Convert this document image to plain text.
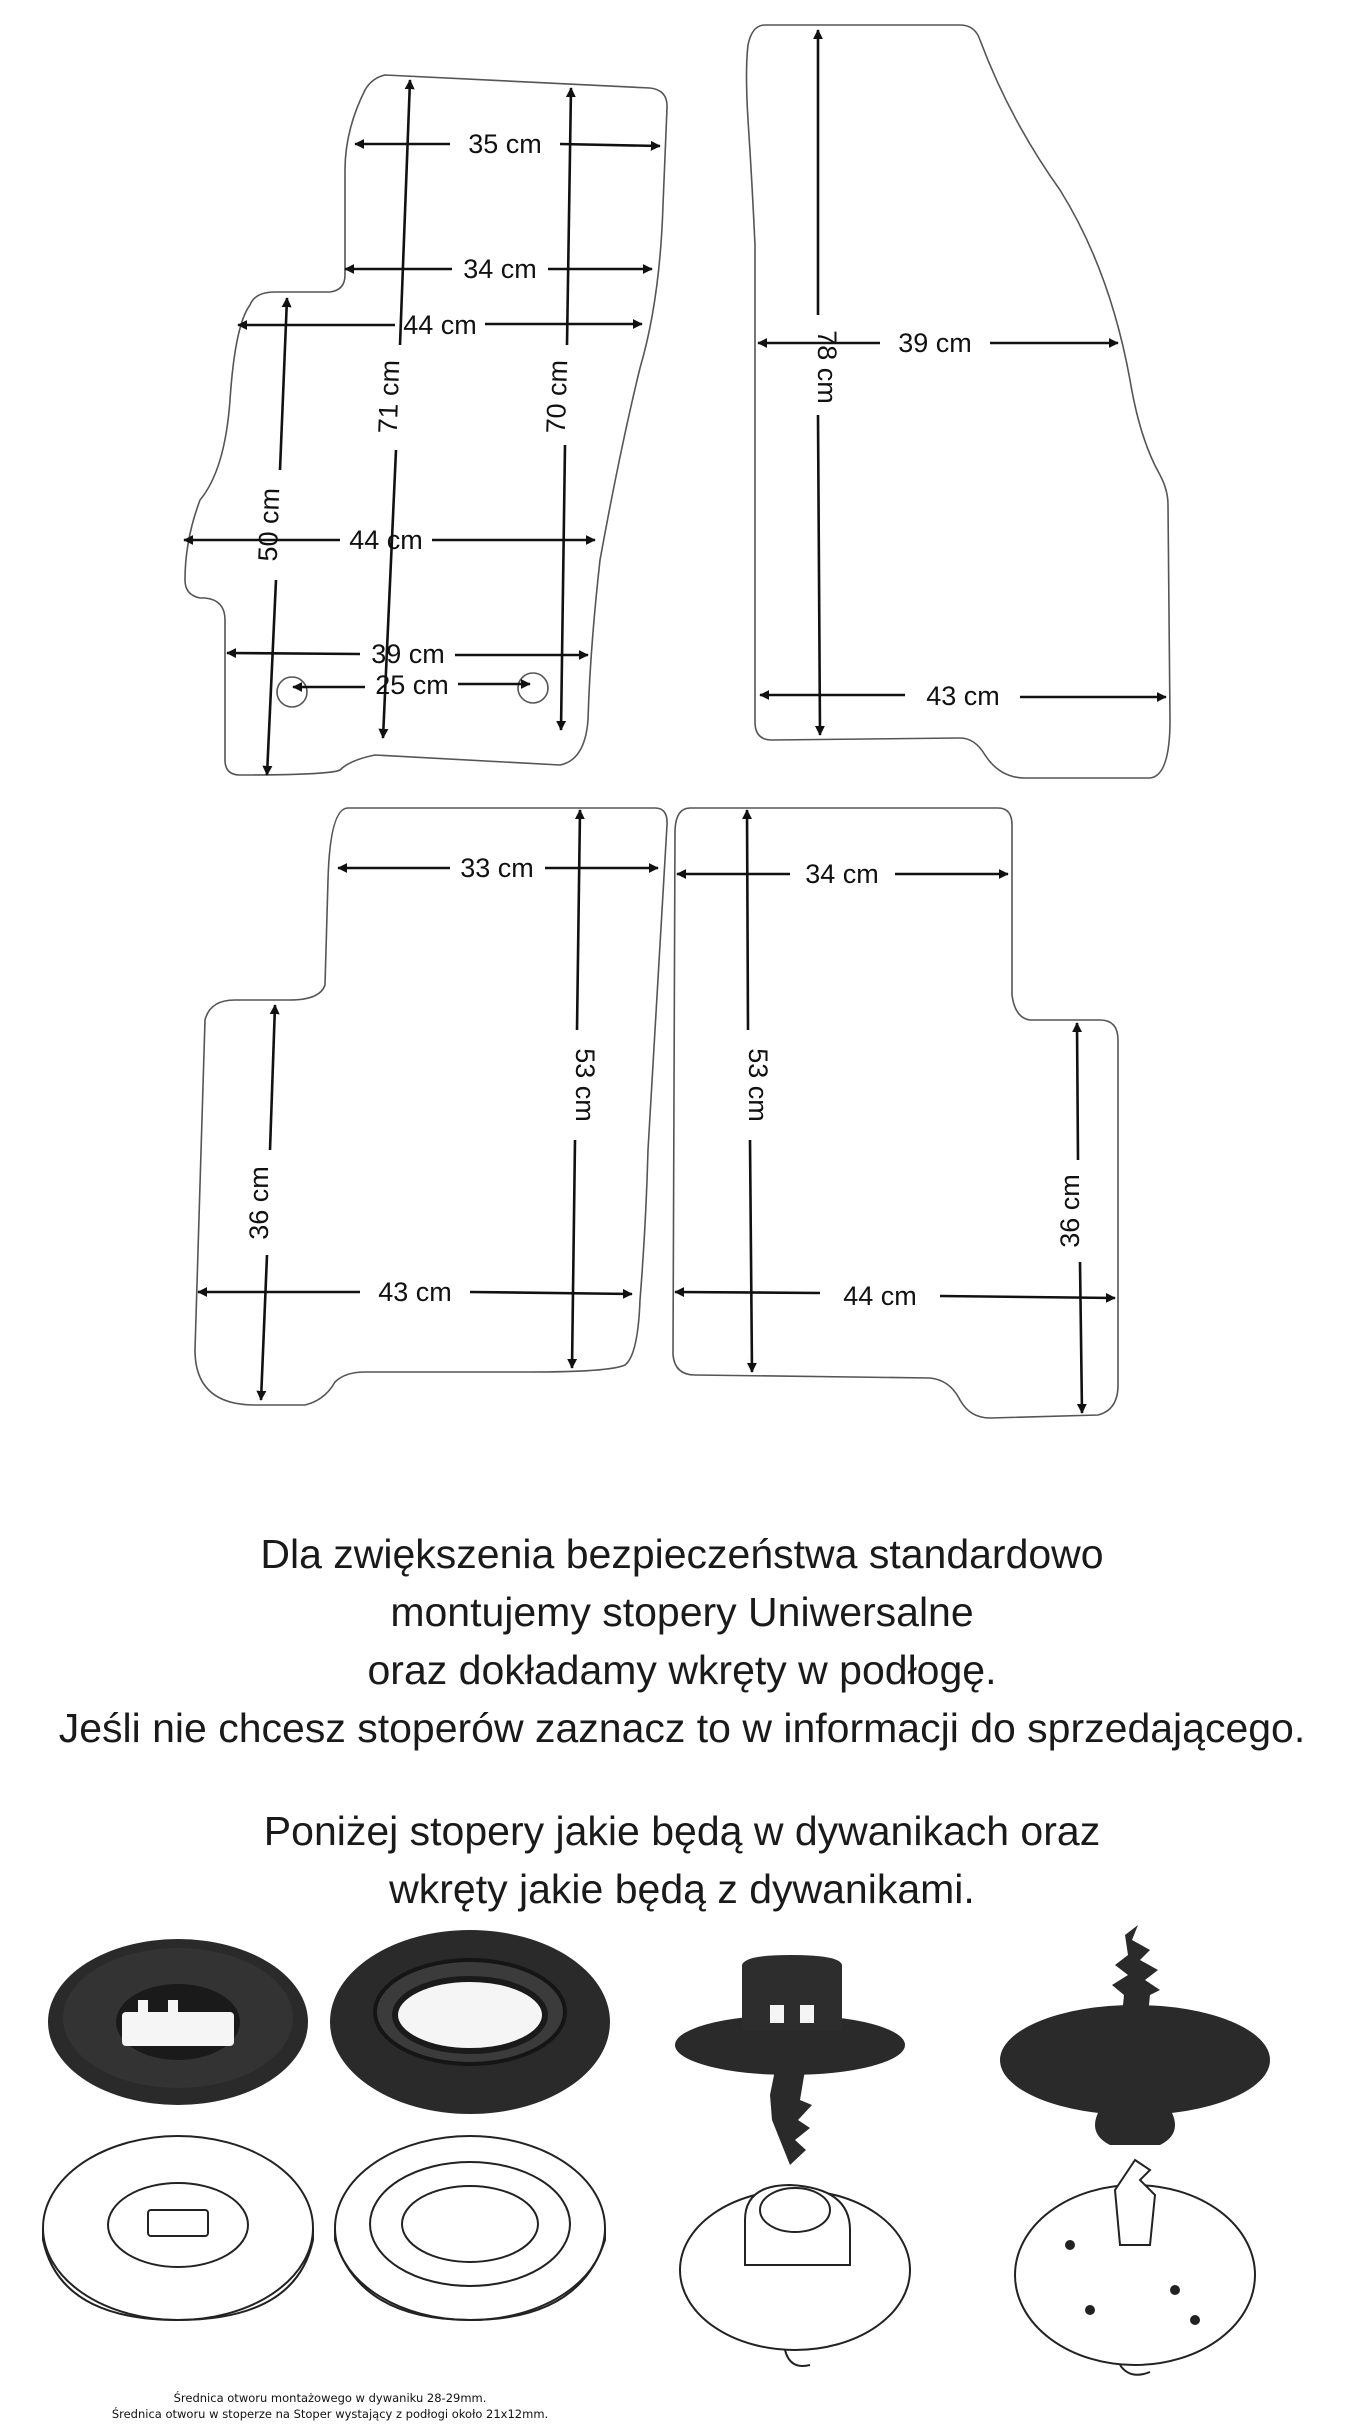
35 cm
34 cm
44 cm
71 cm	70 cm
50 cm 44 cm
39 cm
25 cm
78 cm 39 cm
43 cm
33 cm
53 cm
36 cm
43 cm
34 cm
53 cm
36 cm
44 cm
Dla zwiększenia bezpieczeństwa standardowo
montujemy stopery Uniwersalne
oraz dokładamy wkręty w podłogę.
Jeśli nie chcesz stoperów zaznacz to w informacji do sprzedającego.
Poniżej stopery jakie będą w dywanikach oraz
wkręty jakie będą z dywanikami.
Średnica otworu montażowego w dywaniku 28-29mm.
Średnica otworu w stoperze na Stoper wystający z podłogi około 21x12mm.
